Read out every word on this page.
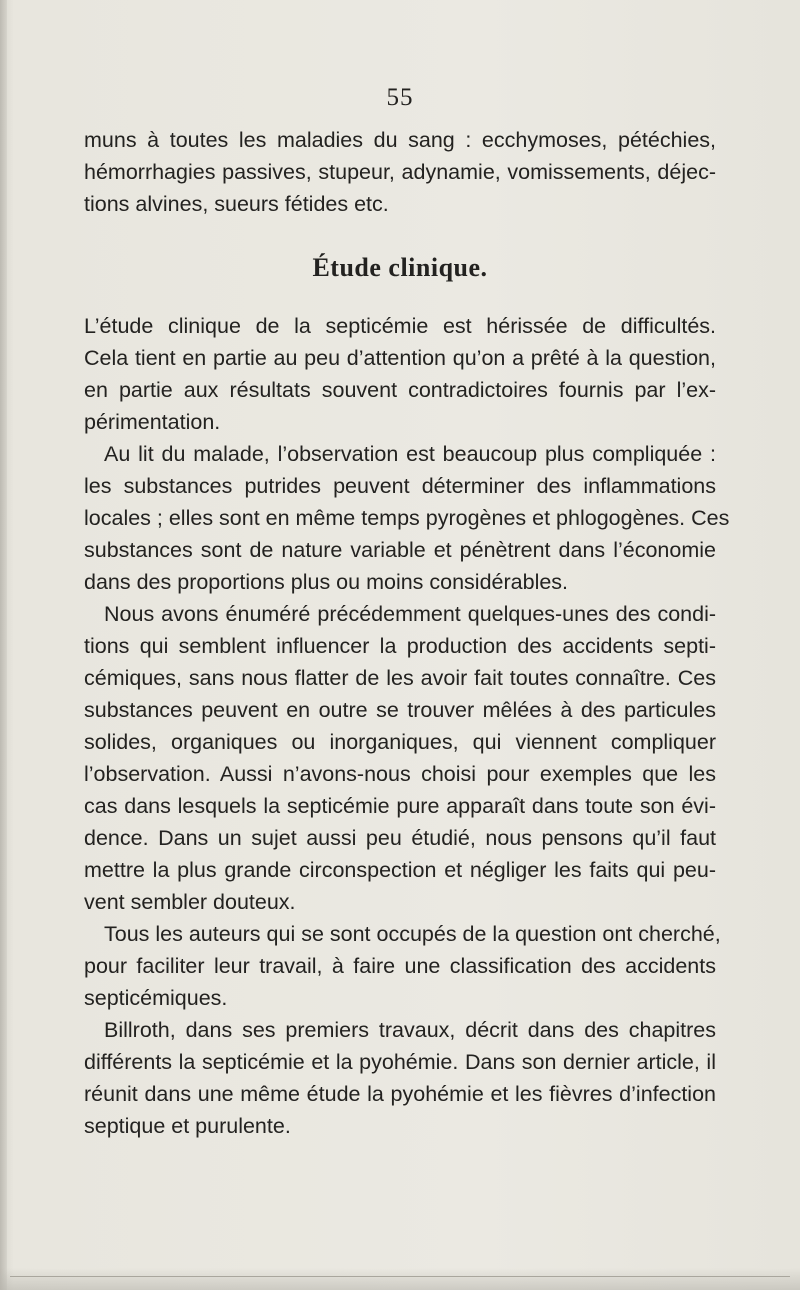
55
muns à toutes les maladies du sang : ecchymoses, pétéchies,
hémorrhagies passives, stupeur, adynamie, vomissements, déjec-
tions alvines, sueurs fétides etc.
Étude clinique.
L’étude clinique de la septicémie est hérissée de difficultés.
Cela tient en partie au peu d’attention qu’on a prêté à la question,
en partie aux résultats souvent contradictoires fournis par l’ex-
périmentation.
Au lit du malade, l’observation est beaucoup plus compliquée :
les substances putrides peuvent déterminer des inflammations
locales ; elles sont en même temps pyrogènes et phlogogènes. Ces
substances sont de nature variable et pénètrent dans l’économie
dans des proportions plus ou moins considérables.
Nous avons énuméré précédemment quelques-unes des condi-
tions qui semblent influencer la production des accidents septi-
cémiques, sans nous flatter de les avoir fait toutes connaître. Ces
substances peuvent en outre se trouver mêlées à des particules
solides, organiques ou inorganiques, qui viennent compliquer
l’observation. Aussi n’avons-nous choisi pour exemples que les
cas dans lesquels la septicémie pure apparaît dans toute son évi-
dence. Dans un sujet aussi peu étudié, nous pensons qu’il faut
mettre la plus grande circonspection et négliger les faits qui peu-
vent sembler douteux.
Tous les auteurs qui se sont occupés de la question ont cherché,
pour faciliter leur travail, à faire une classification des accidents
septicémiques.
Billroth, dans ses premiers travaux, décrit dans des chapitres
différents la septicémie et la pyohémie. Dans son dernier article, il
réunit dans une même étude la pyohémie et les fièvres d’infection
septique et purulente.
